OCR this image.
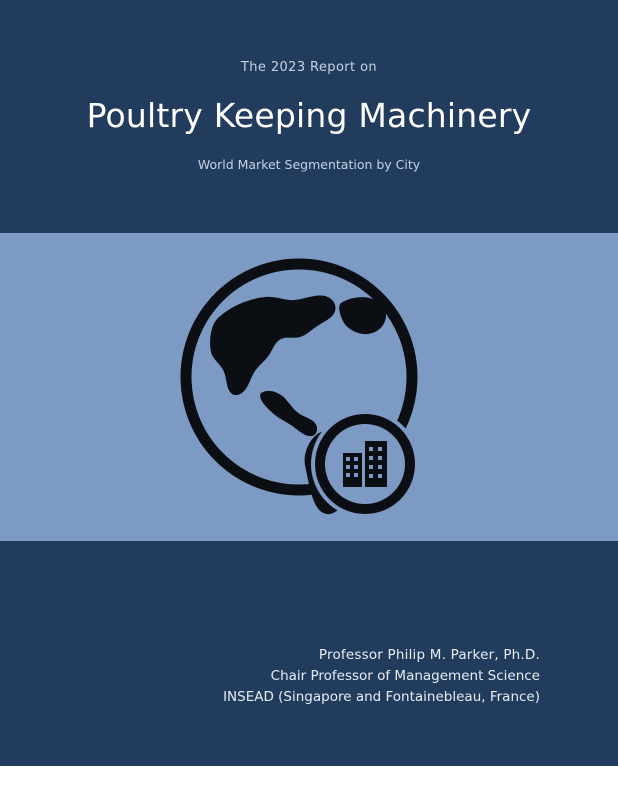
The 2023 Report on
Poultry Keeping Machinery
World Market Segmentation by City
Professor Philip M. Parker, Ph.D.
Chair Professor of Management Science
INSEAD (Singapore and Fontainebleau, France)
